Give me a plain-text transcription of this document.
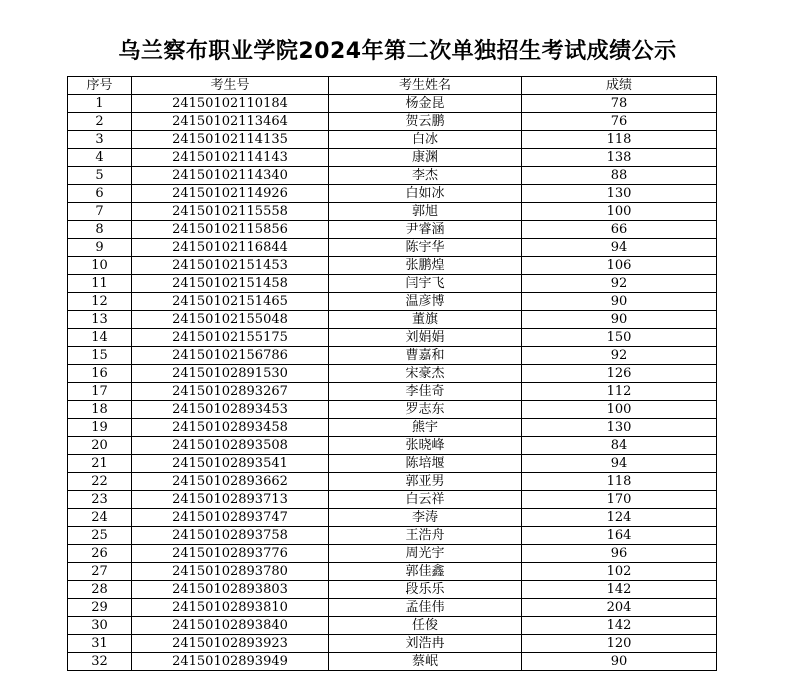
乌兰察布职业学院2024年第二次单独招生考试成绩公示
序号	考生号	考生姓名	成绩
1	24150102110184	杨金昆	78
2	24150102113464	贺云鹏	76
3	24150102114135	白冰	118
4	24150102114143	康渊	138
5	24150102114340	李杰	88
6	24150102114926	白如冰	130
7	24150102115558	郭旭	100
8	24150102115856	尹睿涵	66
9	24150102116844	陈宇华	94
10	24150102151453	张鹏煌	106
11	24150102151458	闫宇飞	92
12	24150102151465	温彦博	90
13	24150102155048	董旗	90
14	24150102155175	刘娟娟	150
15	24150102156786	曹嘉和	92
16	24150102891530	宋豪杰	126
17	24150102893267	李佳奇	112
18	24150102893453	罗志东	100
19	24150102893458	熊宇	130
20	24150102893508	张晓峰	84
21	24150102893541	陈培堰	94
22	24150102893662	郭亚男	118
23	24150102893713	白云祥	170
24	24150102893747	李涛	124
25	24150102893758	王浩舟	164
26	24150102893776	周光宇	96
27	24150102893780	郭佳鑫	102
28	24150102893803	段乐乐	142
29	24150102893810	孟佳伟	204
30	24150102893840	任俊	142
31	24150102893923	刘浩冉	120
32	24150102893949	蔡岷	90
